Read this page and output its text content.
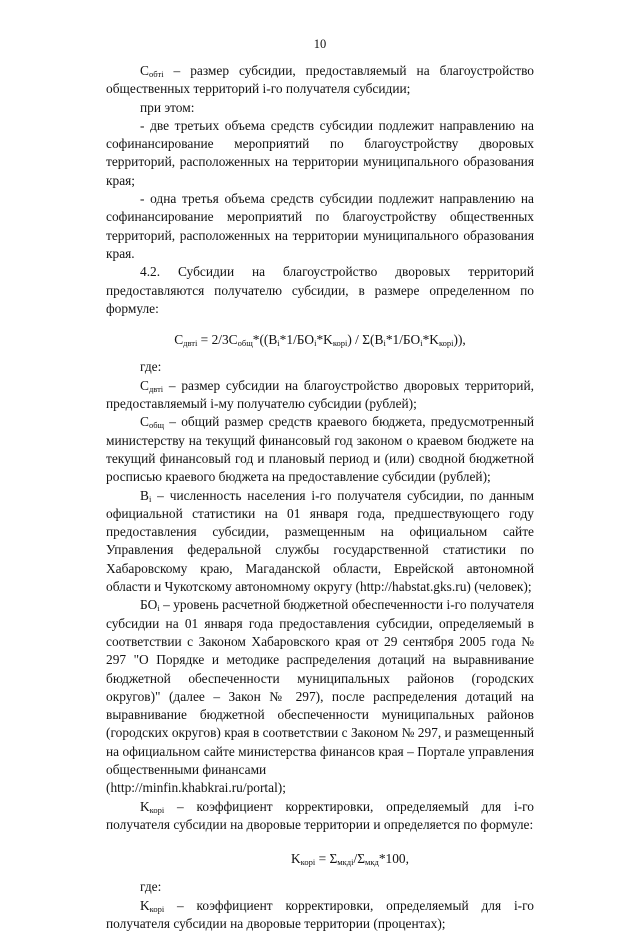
10

$C_{обтi}$ – размер субсидии, предоставляемый на благоустройство общественных территорий i-го получателя субсидии;

при этом:

- две третьих объема средств субсидии подлежит направлению на софинансирование мероприятий по благоустройству дворовых территорий, расположенных на территории муниципального образования края;

- одна третья объема средств субсидии подлежит направлению на софинансирование мероприятий по благоустройству общественных территорий, расположенных на территории муниципального образования края.

4.2. Субсидии на благоустройство дворовых территорий предоставляются получателю субсидии, в размере определенном по формуле:

$C_{двтi} = 2/3C_{общ}*((B_i*1/БО_i*K_{корi}) / \Sigma(B_i*1/БО_i*K_{корi}))$,

где:

$C_{двтi}$ – размер субсидии на благоустройство дворовых территорий, предоставляемый i-му получателю субсидии (рублей);

$C_{общ}$ – общий размер средств краевого бюджета, предусмотренный министерству на текущий финансовый год законом о краевом бюджете на текущий финансовый год и плановый период и (или) сводной бюджетной росписью краевого бюджета на предоставление субсидии (рублей);

$B_i$ – численность населения i-го получателя субсидии, по данным официальной статистики на 01 января года, предшествующего году предоставления субсидии, размещенным на официальном сайте Управления федеральной службы государственной статистики по Хабаровскому краю, Магаданской области, Еврейской автономной области и Чукотскому автономному округу (http://habstat.gks.ru) (человек);

$БО_i$ – уровень расчетной бюджетной обеспеченности i-го получателя субсидии на 01 января года предоставления субсидии, определяемый в соответствии с Законом Хабаровского края от 29 сентября 2005 года № 297 "О Порядке и методике распределения дотаций на выравнивание бюджетной обеспеченности муниципальных районов (городских округов)" (далее – Закон № 297), после распределения дотаций на выравнивание бюджетной обеспеченности муниципальных районов (городских округов) края в соответствии с Законом № 297, и размещенный на официальном сайте министерства финансов края – Порталe управления общественными финансами

(http://minfin.khabkrai.ru/portal);

$K_{корi}$ – коэффициент корректировки, определяемый для i-го получателя субсидии на дворовые территории и определяется по формуле:

$K_{корi} = \Sigma_{мкдi}/\Sigma_{мкд}*100$,

где:

$K_{корi}$ – коэффициент корректировки, определяемый для i-го получателя субсидии на дворовые территории (процентах);
